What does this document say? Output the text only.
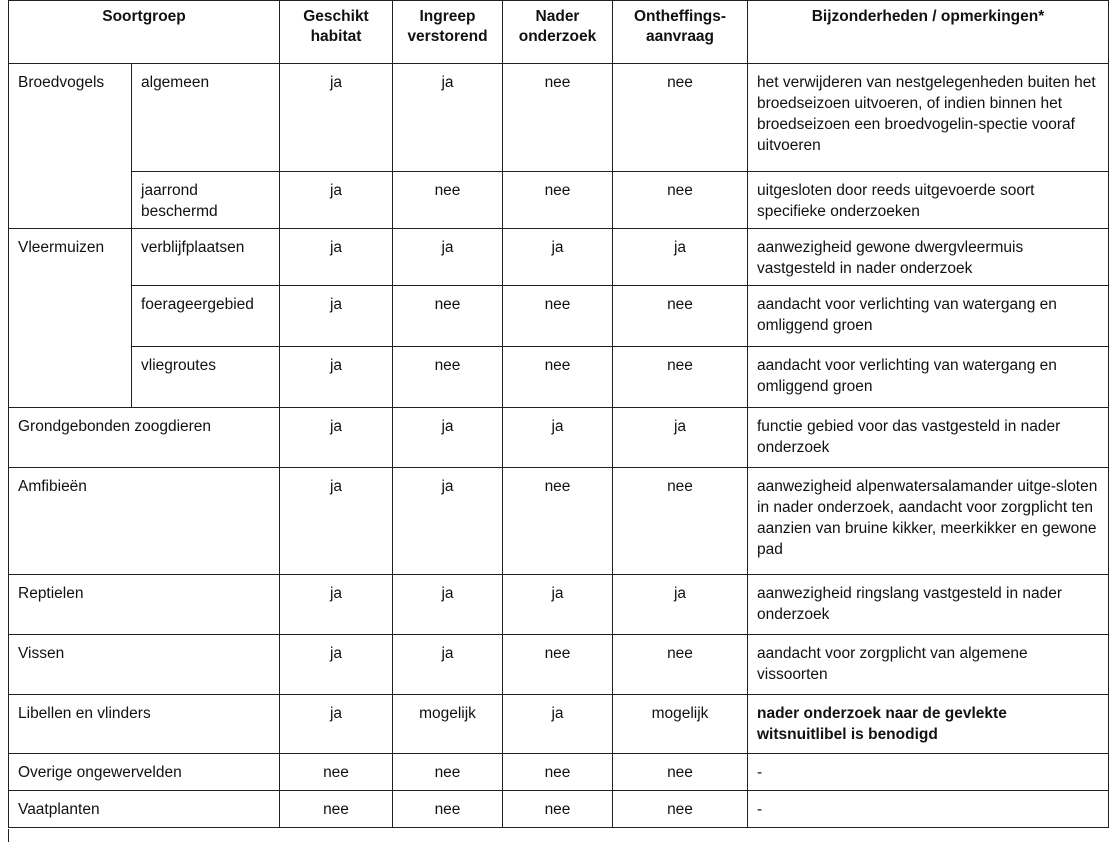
Soortgroep		Geschikt habitat	Ingreep verstorend	Nader onderzoek	Ontheffings-aanvraag	Bijzonderheden / opmerkingen*
Broedvogels	algemeen	ja	ja	nee	nee	het verwijderen van nestgelegenheden buiten het broedseizoen uitvoeren, of indien binnen het broedseizoen een broedvogelin-spectie vooraf uitvoeren
	jaarrond beschermd	ja	nee	nee	nee	uitgesloten door reeds uitgevoerde soort specifieke onderzoeken
Vleermuizen	verblijfplaatsen	ja	ja	ja	ja	aanwezigheid gewone dwergvleermuis vastgesteld in nader onderzoek
	foerageergebied	ja	nee	nee	nee	aandacht voor verlichting van watergang en omliggend groen
	vliegroutes	ja	nee	nee	nee	aandacht voor verlichting van watergang en omliggend groen
Grondgebonden zoogdieren		ja	ja	ja	ja	functie gebied voor das vastgesteld in nader onderzoek
Amfibieën		ja	ja	nee	nee	aanwezigheid alpenwatersalamander uitge-sloten in nader onderzoek, aandacht voor zorgplicht ten aanzien van bruine kikker, meerkikker en gewone pad
Reptielen		ja	ja	ja	ja	aanwezigheid ringslang vastgesteld in nader onderzoek
Vissen		ja	ja	nee	nee	aandacht voor zorgplicht van algemene vissoorten
Libellen en vlinders		ja	mogelijk	ja	mogelijk	nader onderzoek naar de gevlekte witsnuitlibel is benodigd
Overige ongewervelden		nee	nee	nee	nee	-
Vaatplanten		nee	nee	nee	nee	-
